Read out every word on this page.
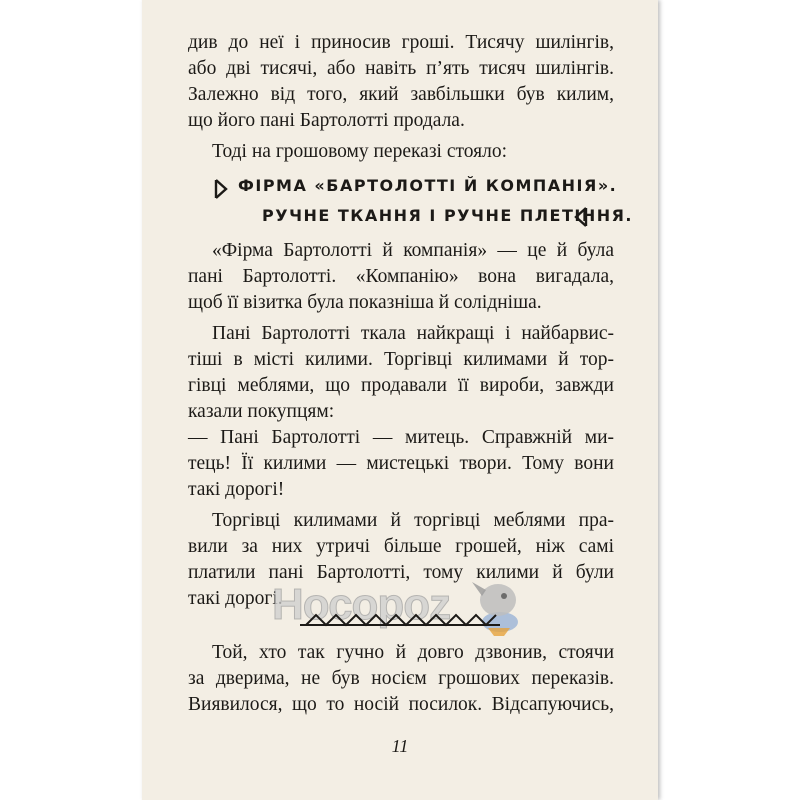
див до неї і приносив гроші. Тисячу шилінгів,
або дві тисячі, або навіть п’ять тисяч шилінгів.
Залежно від того, який завбільшки був килим,
що його пані Бартолотті продала.
Тоді на грошовому переказі стояло:
ФІРМА «БАРТОЛОТТІ Й КОМПАНІЯ».
РУЧНЕ ТКАННЯ І РУЧНЕ ПЛЕТІННЯ.
«Фірма Бартолотті й компанія» — це й була
пані Бартолотті. «Компанію» вона вигадала,
щоб її візитка була показніша й солідніша.
Пані Бартолотті ткала найкращі і найбарвис-
тіші в місті килими. Торгівці килимами й тор-
гівці меблями, що продавали її вироби, завжди
казали покупцям:
— Пані Бартолотті — митець. Справжній ми-
тець! Її килими — мистецькі твори. Тому вони
такі дорогі!
Торгівці килимами й торгівці меблями пра-
вили за них утричі більше грошей, ніж самі
платили пані Бартолотті, тому килими й були
такі дорогі.
Носороz
Той, хто так гучно й довго дзвонив, стоячи
за дверима, не був носієм грошових переказів.
Виявилося, що то носій посилок. Відсапуючись,
11
